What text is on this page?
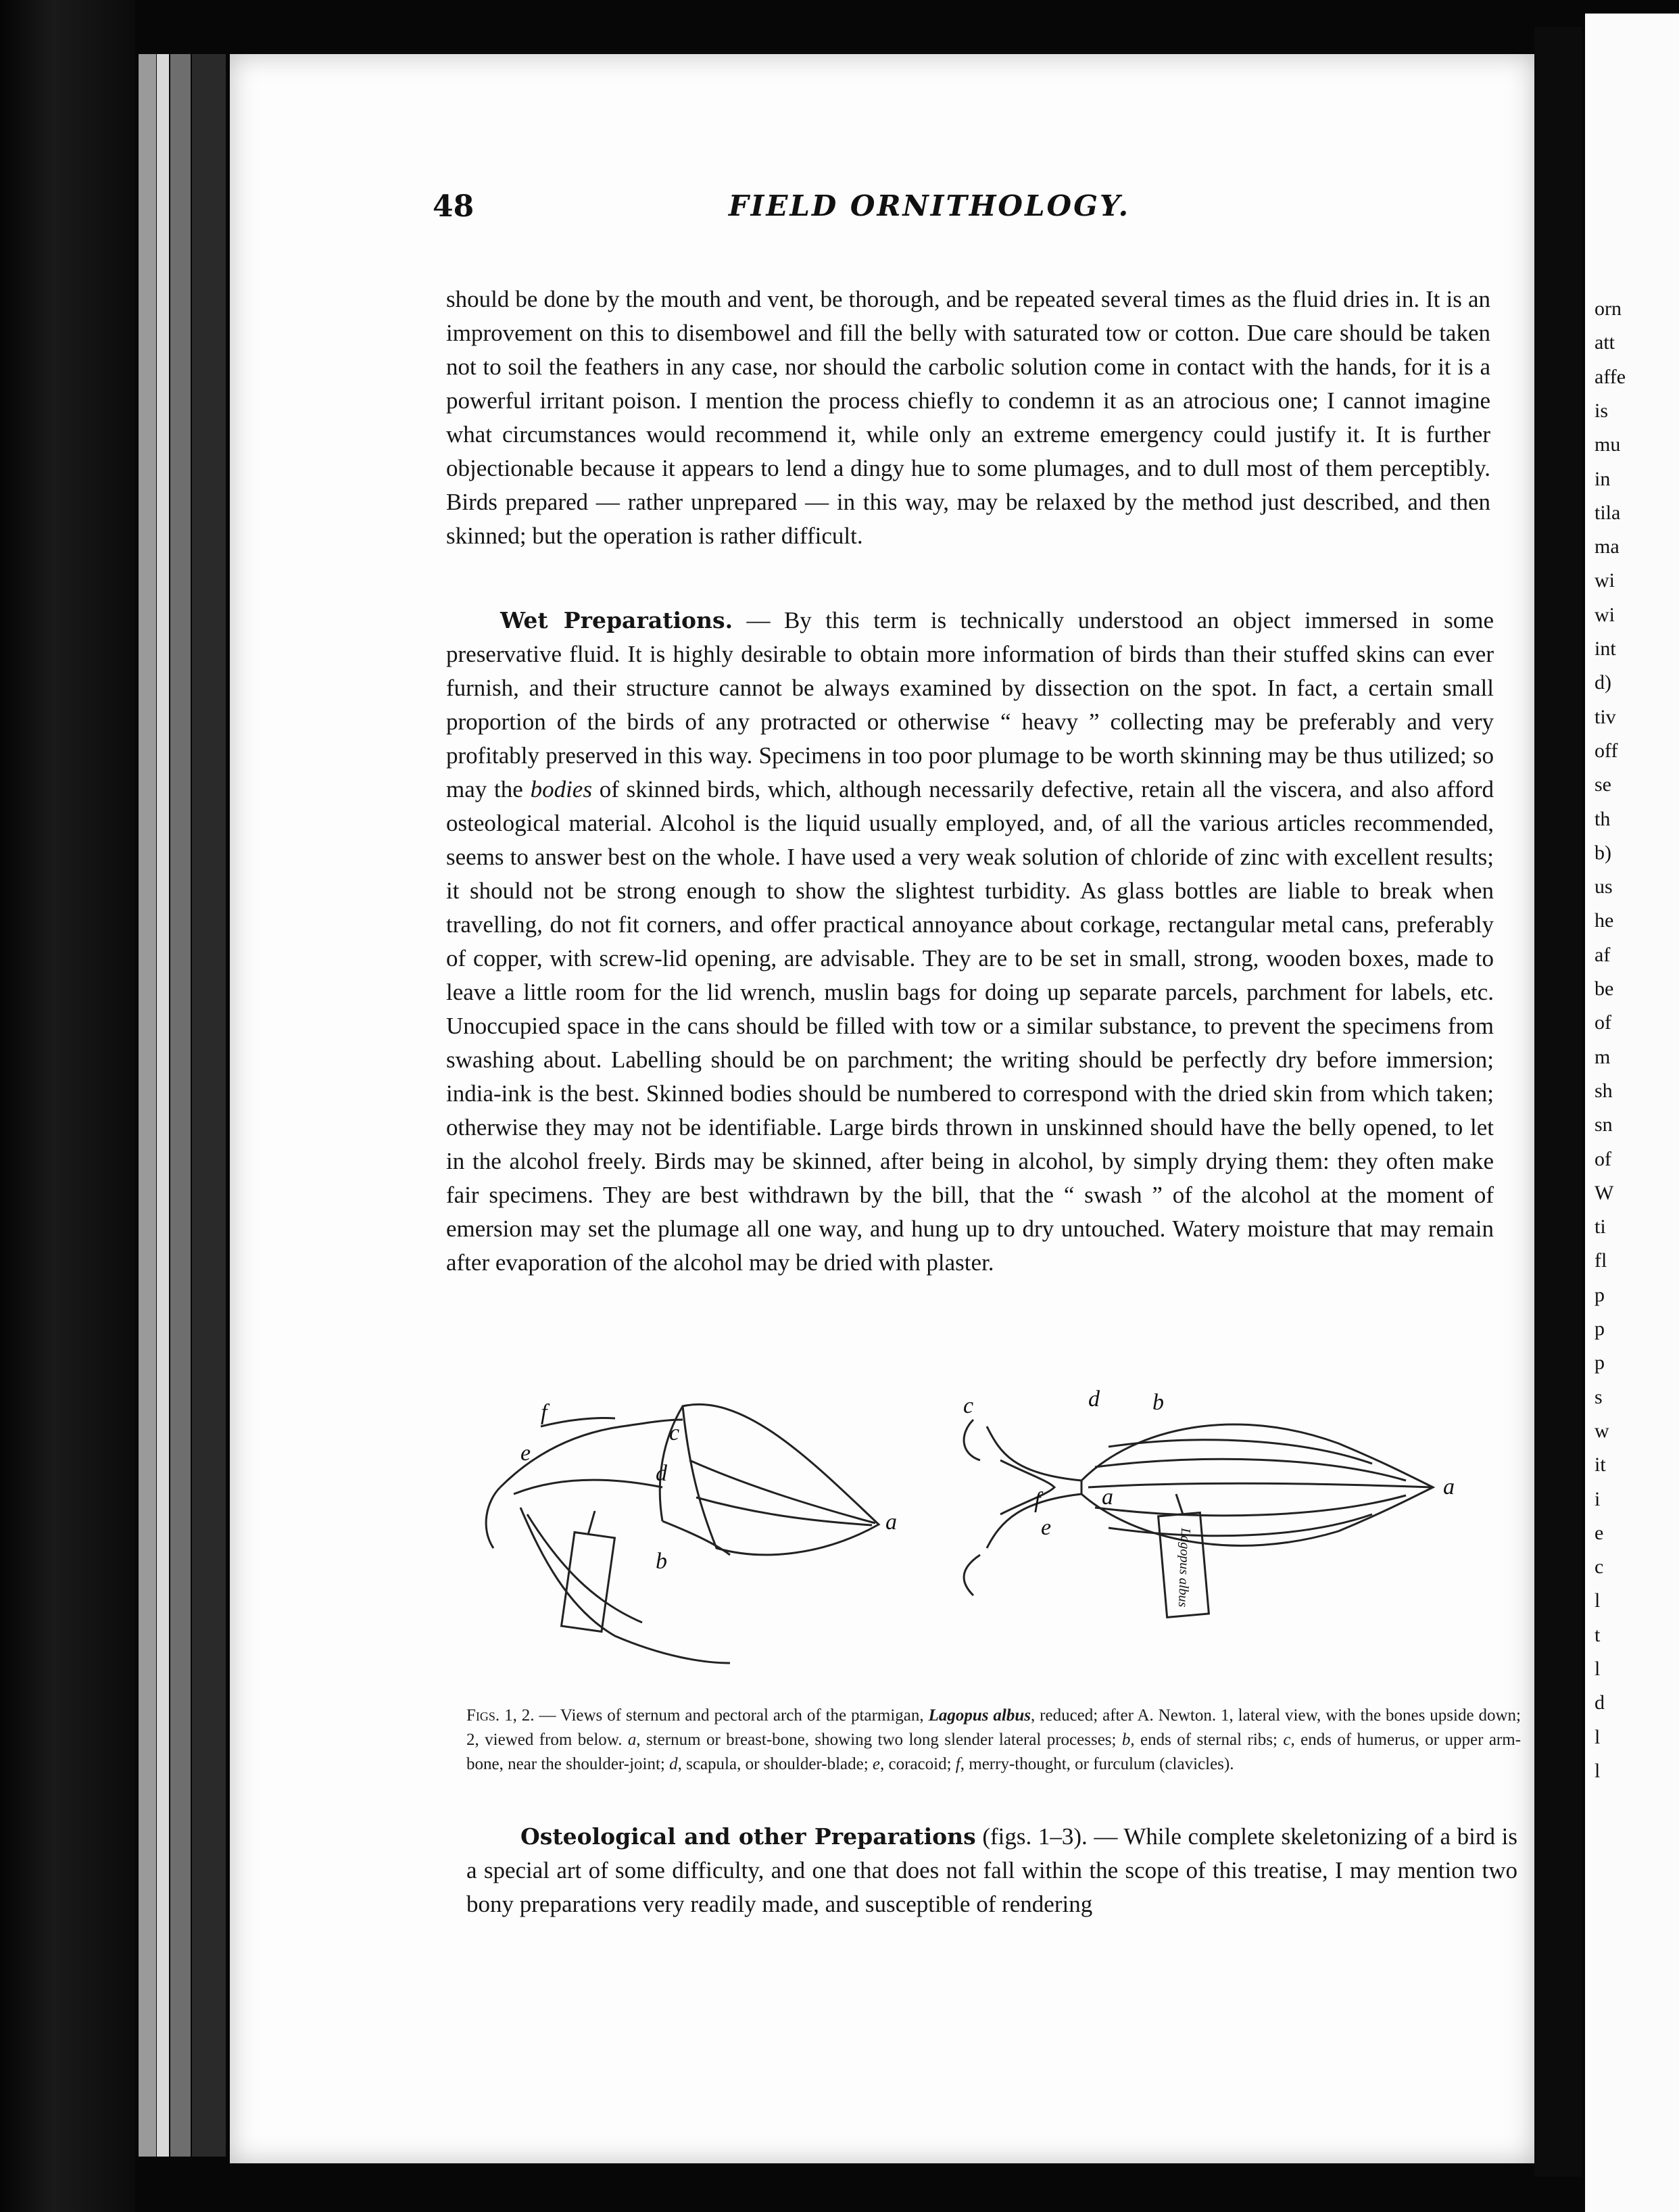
orn
att
affe
is
mu
in
tila
ma
wi
wi
int
d)
tiv
off
se
th
b)
us
he
af
be
of
m
sh
sn
of
W
ti
fl
p
p
p
s
w
it
i
e
c
l
t
l
d
l
l
48	FIELD ORNITHOLOGY.

should be done by the mouth and vent, be thorough, and be repeated several times as the fluid dries in. It is an improvement on this to disembowel and fill the belly with saturated tow or cotton. Due care should be taken not to soil the feathers in any case, nor should the carbolic solution come in contact with the hands, for it is a powerful irritant poison. I mention the process chiefly to condemn it as an atrocious one; I cannot imagine what circumstances would recommend it, while only an extreme emergency could justify it. It is further objectionable because it appears to lend a dingy hue to some plumages, and to dull most of them perceptibly. Birds prepared — rather unprepared — in this way, may be relaxed by the method just described, and then skinned; but the operation is rather difficult.

Wet Preparations. — By this term is technically understood an object immersed in some preservative fluid. It is highly desirable to obtain more information of birds than their stuffed skins can ever furnish, and their structure cannot be always examined by dissection on the spot. In fact, a certain small proportion of the birds of any protracted or otherwise “ heavy ” collecting may be preferably and very profitably preserved in this way. Specimens in too poor plumage to be worth skinning may be thus utilized; so may the bodies of skinned birds, which, although necessarily defective, retain all the viscera, and also afford osteological material. Alcohol is the liquid usually employed, and, of all the various articles recommended, seems to answer best on the whole. I have used a very weak solution of chloride of zinc with excellent results; it should not be strong enough to show the slightest turbidity. As glass bottles are liable to break when travelling, do not fit corners, and offer practical annoyance about corkage, rectangular metal cans, preferably of copper, with screw-lid opening, are advisable. They are to be set in small, strong, wooden boxes, made to leave a little room for the lid wrench, muslin bags for doing up separate parcels, parchment for labels, etc. Unoccupied space in the cans should be filled with tow or a similar substance, to prevent the specimens from swashing about. Labelling should be on parchment; the writing should be perfectly dry before immersion; india-ink is the best. Skinned bodies should be numbered to correspond with the dried skin from which taken; otherwise they may not be identifiable. Large birds thrown in unskinned should have the belly opened, to let in the alcohol freely. Birds may be skinned, after being in alcohol, by simply drying them: they often make fair specimens. They are best withdrawn by the bill, that the “ swash ” of the alcohol at the moment of emersion may set the plumage all one way, and hung up to dry untouched. Watery moisture that may remain after evaporation of the alcohol may be dried with plaster.

f
c
d
e
a
b
c	d b
f
e
a	a
Lagopus albus

Figs. 1, 2. — Views of sternum and pectoral arch of the ptarmigan, Lagopus albus, reduced; after A. Newton. 1, lateral view, with the bones upside down; 2, viewed from below. a, sternum or breast-bone, showing two long slender lateral processes; b, ends of sternal ribs; c, ends of humerus, or upper arm-bone, near the shoulder-joint; d, scapula, or shoulder-blade; e, coracoid; f, merry-thought, or furculum (clavicles).

Osteological and other Preparations (figs. 1–3). — While complete skeletonizing of a bird is a special art of some difficulty, and one that does not fall within the scope of this treatise, I may mention two bony preparations very readily made, and susceptible of rendering
